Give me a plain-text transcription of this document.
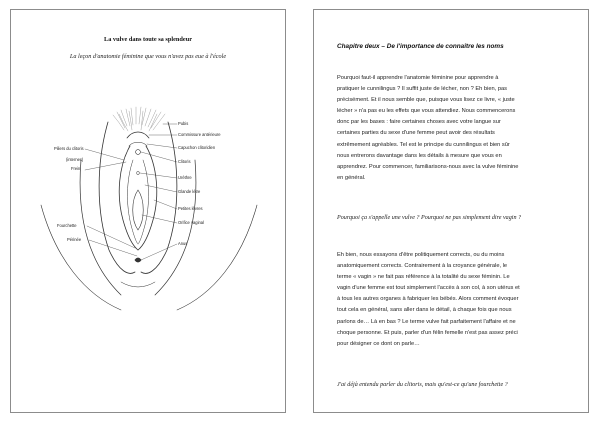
La vulve dans toute sa splendeur
La leçon d'anatomie féminine que vous n'avez pas eue à l'école
Pubis
Commissure antérieure
Capuchon clitoridien
Clitoris
Urèthre
Glande létre
Petites lèvres
Orifice vaginal
Anus
Piliers du clitoris
(internes)
Frein
Fourchette
Périnée
Chapitre deux – De l'importance de connaître les noms
Pourquoi faut-il apprendre l'anatomie féminine pour apprendre à
pratiquer le cunnilingus ? Il suffit juste de lécher, non ? Eh bien, pas
précisément. Et il nous semble que, puisque vous lisez ce livre, « juste
lécher » n'a pas eu les effets que vous attendiez. Nous commencerons
donc par les bases : faire certaines choses avec votre langue sur
certaines parties du sexe d'une femme peut avoir des résultats
extrêmement agréables. Tel est le principe du cunnilingus et bien sûr
nous entrerons davantage dans les détails à mesure que vous en
apprendrez. Pour commencer, familiarisons-nous avec la vulve féminine
en général.
Pourquoi ça s'appelle une vulve ? Pourquoi ne pas simplement dire vagin ?
Eh bien, nous essayons d'être politiquement corrects, ou du moins
anatomiquement corrects. Contrairement à la croyance générale, le
terme « vagin » ne fait pas référence à la totalité du sexe féminin. Le
vagin d'une femme est tout simplement l'accès à son col, à son utérus et
à tous les autres organes à fabriquer les bébés. Alors comment évoquer
tout cela en général, sans aller dans le détail, à chaque fois que nous
parlons de… Là en bas ? Le terme vulve fait parfaitement l'affaire et ne
choque personne. Et puis, parler d'un félin femelle n'est pas assez préci
pour désigner ce dont on parle…
J'ai déjà entendu parler du clitoris, mais qu'est-ce qu'une fourchette ?
